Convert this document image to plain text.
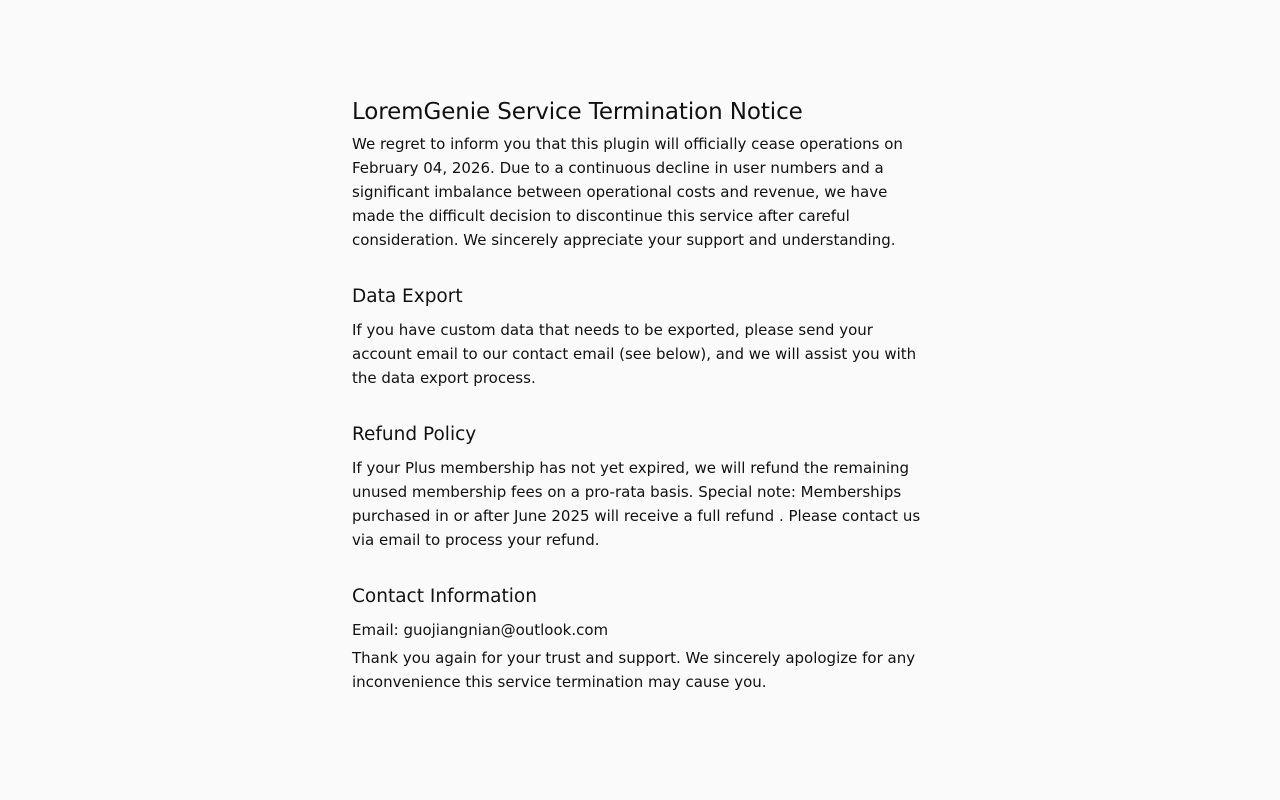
LoremGenie Service Termination Notice

We regret to inform you that this plugin will officially cease operations on February 04, 2026. Due to a continuous decline in user numbers and a significant imbalance between operational costs and revenue, we have made the difficult decision to discontinue this service after careful consideration. We sincerely appreciate your support and understanding.

Data Export

If you have custom data that needs to be exported, please send your account email to our contact email (see below), and we will assist you with the data export process.

Refund Policy

If your Plus membership has not yet expired, we will refund the remaining unused membership fees on a pro-rata basis. Special note: Memberships purchased in or after June 2025 will receive a full refund . Please contact us via email to process your refund.

Contact Information

Email: guojiangnian@outlook.com

Thank you again for your trust and support. We sincerely apologize for any inconvenience this service termination may cause you.
